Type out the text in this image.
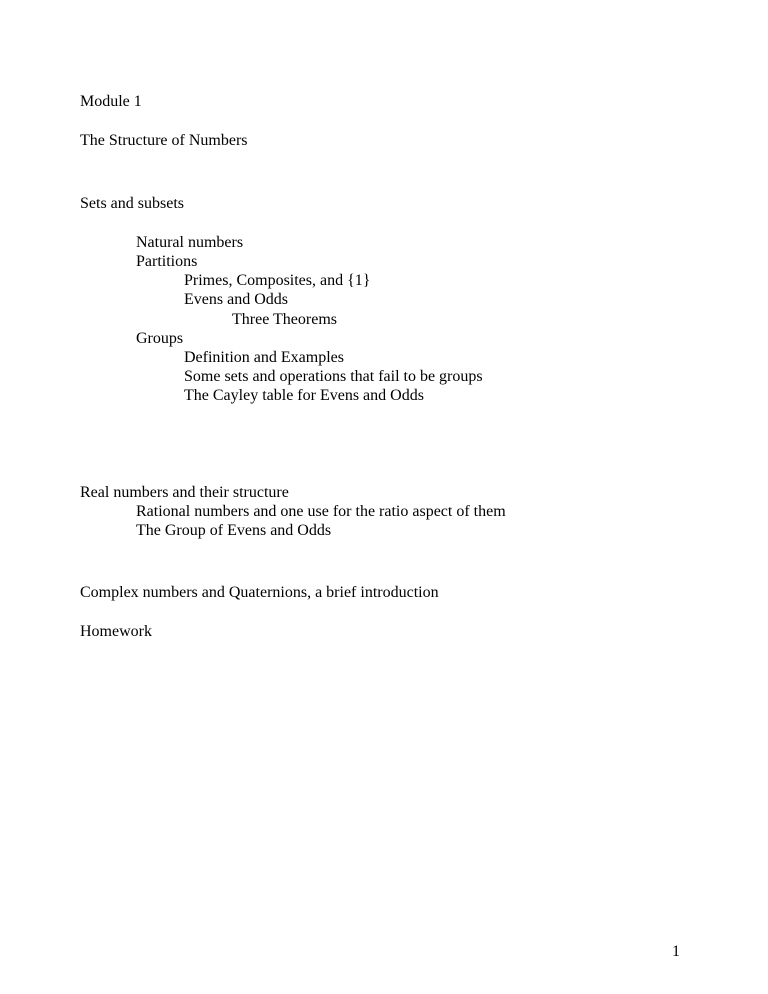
Module 1
The Structure of Numbers
Sets and subsets
Natural numbers
Partitions
Primes, Composites, and {1}
Evens and Odds
Three Theorems
Groups
Definition and Examples
Some sets and operations that fail to be groups
The Cayley table for Evens and Odds
Real numbers and their structure
Rational numbers and one use for the ratio aspect of them
The Group of Evens and Odds
Complex numbers and Quaternions, a brief introduction
Homework
1
